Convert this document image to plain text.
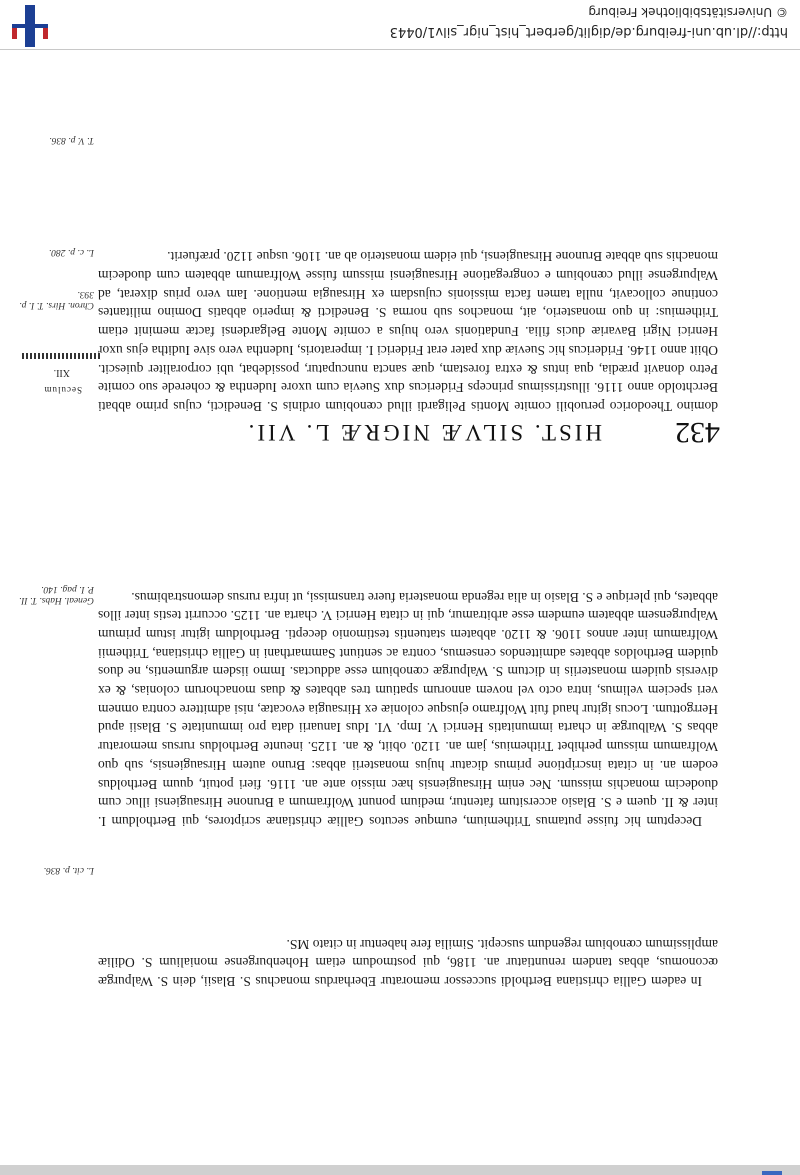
432
HIST. SILVÆ NIGRÆ L. VII.
Seculum
XII.
Chron. Hirs. T. I. p. 393.
L. c. p. 280.
T. V. p. 836.
Geneal. Habs. T. II. P. I. pag. 140.
L. cit. p. 836.

domino Theodorico peruobili comite Montis Peligardi illud cœnobium ordinis S. Benedicti, cujus primo abbati Berchtoldo anno 1116. illustrissimus princeps Fridericus dux Suevia cum uxore Iudentha & coherede suo comite Petro donavit prædia, qua intus & extra forestam, quæ sancta nuncupatur, possidebat, ubi corporaliter quiescit. Obiit anno 1146. Fridericus hic Sueviæ dux pater erat Friderici I. imperatoris, Iudentha vero sive Iuditha ejus uxor Henrici Nigri Bavariæ ducis filia. Fundationis vero hujus a comite Monte Belgardensi factæ meminit etiam Trithemius: in quo monasterio, ait, monachos sub norma S. Benedicti & imperio abbatis Domino militantes continue collocavit, nulla tamen facta missionis cujusdam ex Hirsaugia mentione. Iam vero prius dixerat, ad Walpurgense illud cœnobium e congregatione Hirsaugiensi missum fuisse Wolframum abbatem cum duodecim monachis sub abbate Brunone Hirsaugiensi, qui eidem monasterio ab an. 1106. usque 1120. præfuerit.

Deceptum hic fuisse putamus Trithemium, eumque secutos Galliæ christianæ scriptores, qui Bertholdum I. inter & II. quem e S. Blasio accersitum fatentur, medium ponunt Wolframum a Brunone Hirsaugiensi illuc cum duodecim monachis missum. Nec enim Hirsaugiensis hæc missio ante an. 1116. fieri potuit, quum Bertholdus eodem an. in citata inscriptione primus dicatur hujus monasterii abbas: Bruno autem Hirsaugiensis, sub quo Wolframum missum perhibet Trithemius, jam an. 1120. obiit, & an. 1125. ineunte Bertholdus rursus memoratur abbas S. Walburgæ in charta immunitatis Henrici V. Imp. VI. Idus Ianuarii data pro immunitate S. Blasii apud Herrgottum. Locus igitur haud fuit Wolframo ejusque coloniæ ex Hirsaugia evocatæ, nisi admittere contra omnem veri speciem velimus, intra octo vel novem annorum spatium tres abbates & duas monachorum colonias, & ex diversis quidem monasteriis in dictum S. Walpurgæ cœnobium esse adductas. Immo iisdem argumentis, ne duos quidem Bertholdos abbates admittendos censemus, contra ac sentiunt Sammarthani in Gallia christiana, Trithemii Wolframum inter annos 1106. & 1120. abbatem statuentis testimonio decepti. Bertholdum igitur istum primum Walpurgensem abbatem eumdem esse arbitramur, qui in citata Henrici V. charta an. 1125. occurrit testis inter illos abbates, qui plerique e S. Blasio in alia regenda monasteria fuere transmissi, ut infra rursus demonstrabimus.

In eadem Gallia christiana Bertholdi successor memoratur Eberhardus monachus S. Blasii, dein S. Walpurgæ œconomus, abbas tandem renuntiatur an. 1186, qui postmodum etiam Hohenburgense monialium S. Odiliæ amplissimum cœnobium regendum suscepit. Similia fere habentur in citato MS.

http://dl.ub.uni-freiburg.de/diglit/gerbert_hist_nigr_silv1/0443
© Universitätsbibliothek Freiburg
